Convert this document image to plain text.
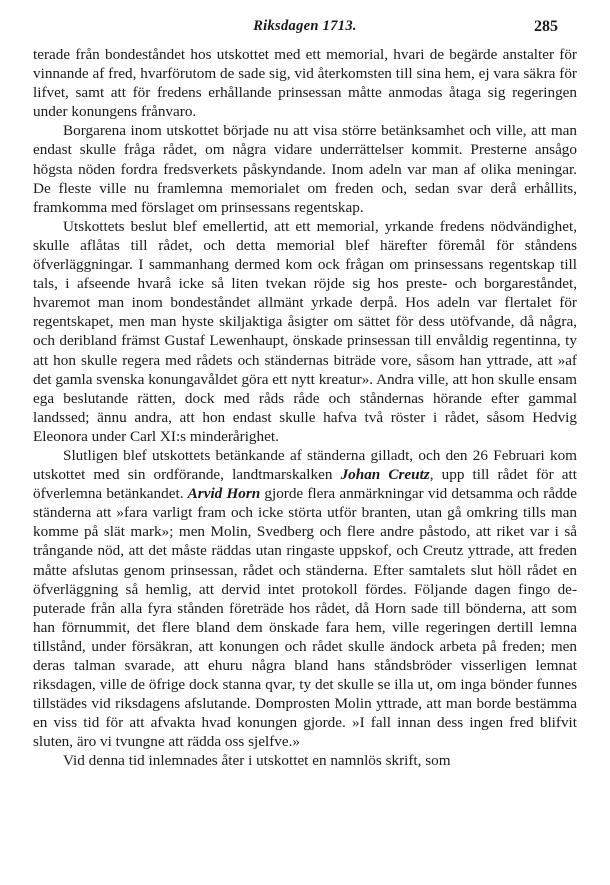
Riksdagen 1713.	285

terade från bondeståndet hos utskottet med ett memorial, hvari de begärde anstalter för vinnande af fred, hvarförutom de sade sig, vid återkomsten till sina hem, ej vara säkra för lifvet, samt att för fredens erhållande prinsessan måtte anmodas åtaga sig regeringen under konungens frånvaro.

Borgarena inom utskottet började nu att visa större betänksamhet och ville, att man endast skulle fråga rådet, om några vidare underrättelser kommit. Presterne ansågo högsta nöden fordra fredsverkets påskyndande. Inom adeln var man af olika meningar. De fleste ville nu framlemna memorialet om freden och, sedan svar derå erhållits, framkomma med förslaget om prinsessans regentskap.

Utskottets beslut blef emellertid, att ett memorial, yrkande fredens nödvändighet, skulle aflåtas till rådet, och detta memorial blef härefter föremål för ståndens öfverläggningar. I sammanhang dermed kom ock frågan om prinsessans regentskap till tals, i afseende hvarå icke så liten tvekan röjde sig hos preste- och borgareståndet, hvaremot man inom bondeståndet allmänt yrkade derpå. Hos adeln var flertalet för regentskapet, men man hyste skiljaktiga åsigter om sättet för dess utöfvande, då några, och deribland främst Gustaf Lewenhaupt, önskade prinsessan till envåldig regentinna, ty att hon skulle regera med rådets och ständernas biträde vore, såsom han yttrade, att »af det gamla svenska konungavåldet göra ett nytt kreatur». Andra ville, att hon skulle ensam ega beslutande rätten, dock med råds råde och ståndernas hörande efter gammal landssed; ännu andra, att hon endast skulle hafva två röster i rådet, såsom Hedvig Eleonora under Carl XI:s minderårighet.

Slutligen blef utskottets betänkande af ständerna gilladt, och den 26 Februari kom utskottet med sin ordförande, landtmarskalken Johan Creutz, upp till rådet för att öfverlemna betänkandet. Arvid Horn gjorde flera anmärkningar vid detsamma och rådde ständerna att »fara varligt fram och icke störta utför branten, utan gå omkring tills man komme på slät mark»; men Molin, Svedberg och flere andre påstodo, att riket var i så trångande nöd, att det måste räddas utan ringaste uppskof, och Creutz yttrade, att freden måtte afslutas genom prinsessan, rådet och ständerna. Efter samtalets slut höll rådet en öfverläggning så hemlig, att dervid intet protokoll fördes. Följande dagen fingo deputerade från alla fyra stånden företräde hos rådet, då Horn sade till bönderna, att som han förnummit, det flere bland dem önskade fara hem, ville regeringen dertill lemna tillstånd, under försäkran, att konungen och rådet skulle ändock arbeta på freden; men deras talman svarade, att ehuru några bland hans ståndsbröder visserligen lemnat riksdagen, ville de öfrige dock stanna qvar, ty det skulle se illa ut, om inga bönder funnes tillstädes vid riksdagens afslutande. Domprosten Molin yttrade, att man borde bestämma en viss tid för att afvakta hvad konungen gjorde. »I fall innan dess ingen fred blifvit sluten, äro vi tvungne att rädda oss sjelfve.»

Vid denna tid inlemnades åter i utskottet en namnlös skrift, som
